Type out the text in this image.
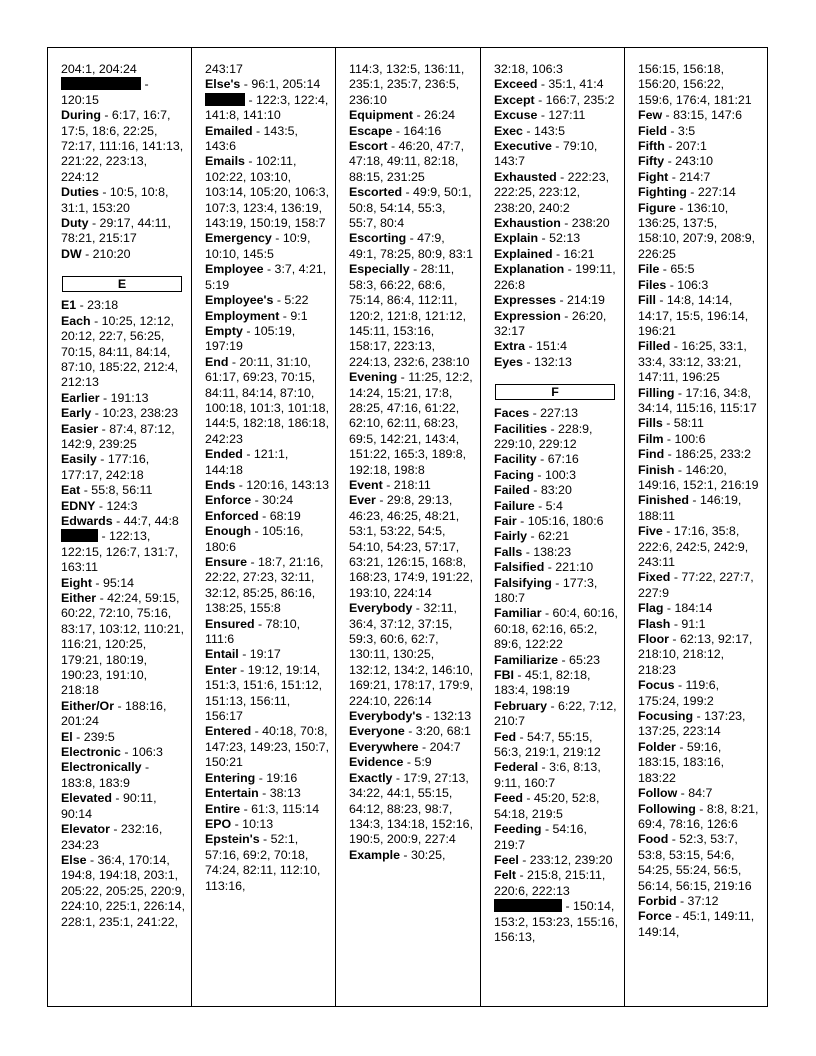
204:1, 204:24
- 120:15
During - 6:17, 16:7, 17:5, 18:6, 22:25, 72:17, 111:16, 141:13, 221:22, 223:13, 224:12
Duties - 10:5, 10:8, 31:1, 153:20
Duty - 29:17, 44:11, 78:21, 215:17
DW - 210:20
E
E1 - 23:18
Each - 10:25, 12:12, 20:12, 22:7, 56:25, 70:15, 84:11, 84:14, 87:10, 185:22, 212:4, 212:13
Earlier - 191:13
Early - 10:23, 238:23
Easier - 87:4, 87:12, 142:9, 239:25
Easily - 177:16, 177:17, 242:18
Eat - 55:8, 56:11
EDNY - 124:3
Edwards - 44:7, 44:8
- 122:13, 122:15, 126:7, 131:7, 163:11
Eight - 95:14
Either - 42:24, 59:15, 60:22, 72:10, 75:16, 83:17, 103:12, 110:21, 116:21, 120:25, 179:21, 180:19, 190:23, 191:10, 218:18
Either/Or - 188:16, 201:24
El - 239:5
Electronic - 106:3
Electronically - 183:8, 183:9
Elevated - 90:11, 90:14
Elevator - 232:16, 234:23
Else - 36:4, 170:14, 194:8, 194:18, 203:1, 205:22, 205:25, 220:9, 224:10, 225:1, 226:14, 228:1, 235:1, 241:22,
243:17
Else's - 96:1, 205:14
- 122:3, 122:4, 141:8, 141:10
Emailed - 143:5, 143:6
Emails - 102:11, 102:22, 103:10, 103:14, 105:20, 106:3, 107:3, 123:4, 136:19, 143:19, 150:19, 158:7
Emergency - 10:9, 10:10, 145:5
Employee - 3:7, 4:21, 5:19
Employee's - 5:22
Employment - 9:1
Empty - 105:19, 197:19
End - 20:11, 31:10, 61:17, 69:23, 70:15, 84:11, 84:14, 87:10, 100:18, 101:3, 101:18, 144:5, 182:18, 186:18, 242:23
Ended - 121:1, 144:18
Ends - 120:16, 143:13
Enforce - 30:24
Enforced - 68:19
Enough - 105:16, 180:6
Ensure - 18:7, 21:16, 22:22, 27:23, 32:11, 32:12, 85:25, 86:16, 138:25, 155:8
Ensured - 78:10, 111:6
Entail - 19:17
Enter - 19:12, 19:14, 151:3, 151:6, 151:12, 151:13, 156:11, 156:17
Entered - 40:18, 70:8, 147:23, 149:23, 150:7, 150:21
Entering - 19:16
Entertain - 38:13
Entire - 61:3, 115:14
EPO - 10:13
Epstein's - 52:1, 57:16, 69:2, 70:18, 74:24, 82:11, 112:10, 113:16,
114:3, 132:5, 136:11, 235:1, 235:7, 236:5, 236:10
Equipment - 26:24
Escape - 164:16
Escort - 46:20, 47:7, 47:18, 49:11, 82:18, 88:15, 231:25
Escorted - 49:9, 50:1, 50:8, 54:14, 55:3, 55:7, 80:4
Escorting - 47:9, 49:1, 78:25, 80:9, 83:1
Especially - 28:11, 58:3, 66:22, 68:6, 75:14, 86:4, 112:11, 120:2, 121:8, 121:12, 145:11, 153:16, 158:17, 223:13, 224:13, 232:6, 238:10
Evening - 11:25, 12:2, 14:24, 15:21, 17:8, 28:25, 47:16, 61:22, 62:10, 62:11, 68:23, 69:5, 142:21, 143:4, 151:22, 165:3, 189:8, 192:18, 198:8
Event - 218:11
Ever - 29:8, 29:13, 46:23, 46:25, 48:21, 53:1, 53:22, 54:5, 54:10, 54:23, 57:17, 63:21, 126:15, 168:8, 168:23, 174:9, 191:22, 193:10, 224:14
Everybody - 32:11, 36:4, 37:12, 37:15, 59:3, 60:6, 62:7, 130:11, 130:25, 132:12, 134:2, 146:10, 169:21, 178:17, 179:9, 224:10, 226:14
Everybody's - 132:13
Everyone - 3:20, 68:1
Everywhere - 204:7
Evidence - 5:9
Exactly - 17:9, 27:13, 34:22, 44:1, 55:15, 64:12, 88:23, 98:7, 134:3, 134:18, 152:16, 190:5, 200:9, 227:4
Example - 30:25,
32:18, 106:3
Exceed - 35:1, 41:4
Except - 166:7, 235:2
Excuse - 127:11
Exec - 143:5
Executive - 79:10, 143:7
Exhausted - 222:23, 222:25, 223:12, 238:20, 240:2
Exhaustion - 238:20
Explain - 52:13
Explained - 16:21
Explanation - 199:11, 226:8
Expresses - 214:19
Expression - 26:20, 32:17
Extra - 151:4
Eyes - 132:13
F
Faces - 227:13
Facilities - 228:9, 229:10, 229:12
Facility - 67:16
Facing - 100:3
Failed - 83:20
Failure - 5:4
Fair - 105:16, 180:6
Fairly - 62:21
Falls - 138:23
Falsified - 221:10
Falsifying - 177:3, 180:7
Familiar - 60:4, 60:16, 60:18, 62:16, 65:2, 89:6, 122:22
Familiarize - 65:23
FBI - 45:1, 82:18, 183:4, 198:19
February - 6:22, 7:12, 210:7
Fed - 54:7, 55:15, 56:3, 219:1, 219:12
Federal - 3:6, 8:13, 9:11, 160:7
Feed - 45:20, 52:8, 54:18, 219:5
Feeding - 54:16, 219:7
Feel - 233:12, 239:20
Felt - 215:8, 215:11, 220:6, 222:13
- 150:14, 153:2, 153:23, 155:16, 156:13,
156:15, 156:18, 156:20, 156:22, 159:6, 176:4, 181:21
Few - 83:15, 147:6
Field - 3:5
Fifth - 207:1
Fifty - 243:10
Fight - 214:7
Fighting - 227:14
Figure - 136:10, 136:25, 137:5, 158:10, 207:9, 208:9, 226:25
File - 65:5
Files - 106:3
Fill - 14:8, 14:14, 14:17, 15:5, 196:14, 196:21
Filled - 16:25, 33:1, 33:4, 33:12, 33:21, 147:11, 196:25
Filling - 17:16, 34:8, 34:14, 115:16, 115:17
Fills - 58:11
Film - 100:6
Find - 186:25, 233:2
Finish - 146:20, 149:16, 152:1, 216:19
Finished - 146:19, 188:11
Five - 17:16, 35:8, 222:6, 242:5, 242:9, 243:11
Fixed - 77:22, 227:7, 227:9
Flag - 184:14
Flash - 91:1
Floor - 62:13, 92:17, 218:10, 218:12, 218:23
Focus - 119:6, 175:24, 199:2
Focusing - 137:23, 137:25, 223:14
Folder - 59:16, 183:15, 183:16, 183:22
Follow - 84:7
Following - 8:8, 8:21, 69:4, 78:16, 126:6
Food - 52:3, 53:7, 53:8, 53:15, 54:6, 54:25, 55:24, 56:5, 56:14, 56:15, 219:16
Forbid - 37:12
Force - 45:1, 149:11, 149:14,
